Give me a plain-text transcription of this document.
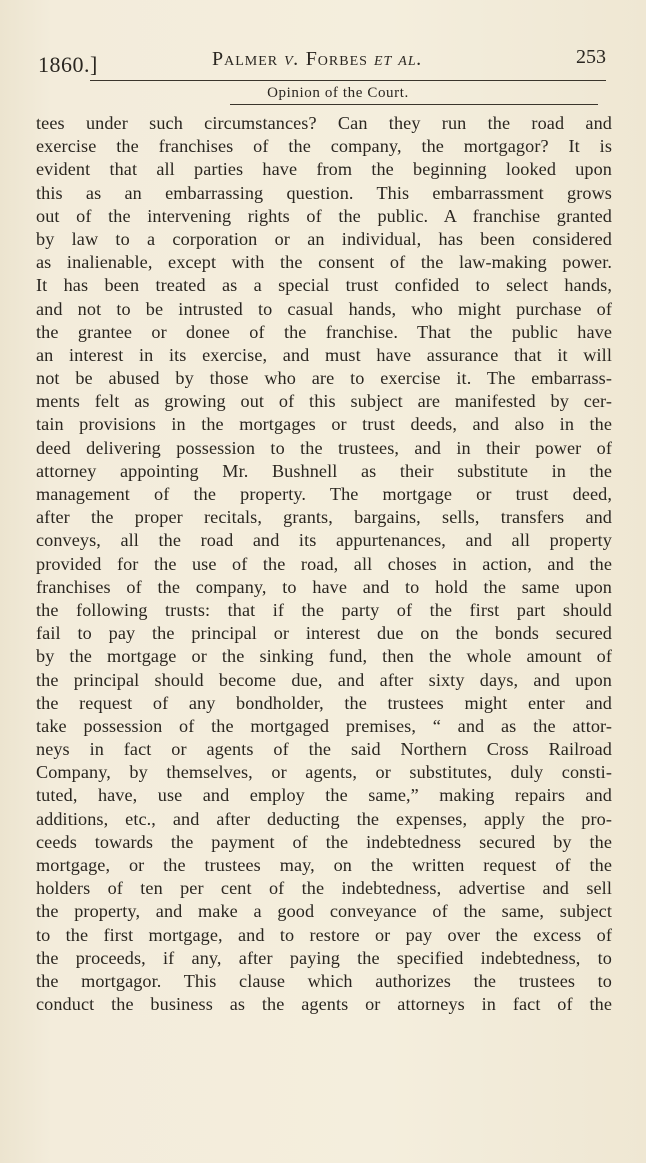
1860.]	Palmer v. Forbes et al.	253
Opinion of the Court.
tees under such circumstances? Can they run the road and
exercise the franchises of the company, the mortgagor? It is
evident that all parties have from the beginning looked upon
this as an embarrassing question. This embarrassment grows
out of the intervening rights of the public. A franchise granted
by law to a corporation or an individual, has been considered
as inalienable, except with the consent of the law-making power.
It has been treated as a special trust confided to select hands,
and not to be intrusted to casual hands, who might purchase of
the grantee or donee of the franchise. That the public have
an interest in its exercise, and must have assurance that it will
not be abused by those who are to exercise it. The embarrass-
ments felt as growing out of this subject are manifested by cer-
tain provisions in the mortgages or trust deeds, and also in the
deed delivering possession to the trustees, and in their power of
attorney appointing Mr. Bushnell as their substitute in the
management of the property. The mortgage or trust deed,
after the proper recitals, grants, bargains, sells, transfers and
conveys, all the road and its appurtenances, and all property
provided for the use of the road, all choses in action, and the
franchises of the company, to have and to hold the same upon
the following trusts: that if the party of the first part should
fail to pay the principal or interest due on the bonds secured
by the mortgage or the sinking fund, then the whole amount of
the principal should become due, and after sixty days, and upon
the request of any bondholder, the trustees might enter and
take possession of the mortgaged premises, “ and as the attor-
neys in fact or agents of the said Northern Cross Railroad
Company, by themselves, or agents, or substitutes, duly consti-
tuted, have, use and employ the same,” making repairs and
additions, etc., and after deducting the expenses, apply the pro-
ceeds towards the payment of the indebtedness secured by the
mortgage, or the trustees may, on the written request of the
holders of ten per cent of the indebtedness, advertise and sell
the property, and make a good conveyance of the same, subject
to the first mortgage, and to restore or pay over the excess of
the proceeds, if any, after paying the specified indebtedness, to
the mortgagor. This clause which authorizes the trustees to
conduct the business as the agents or attorneys in fact of the
